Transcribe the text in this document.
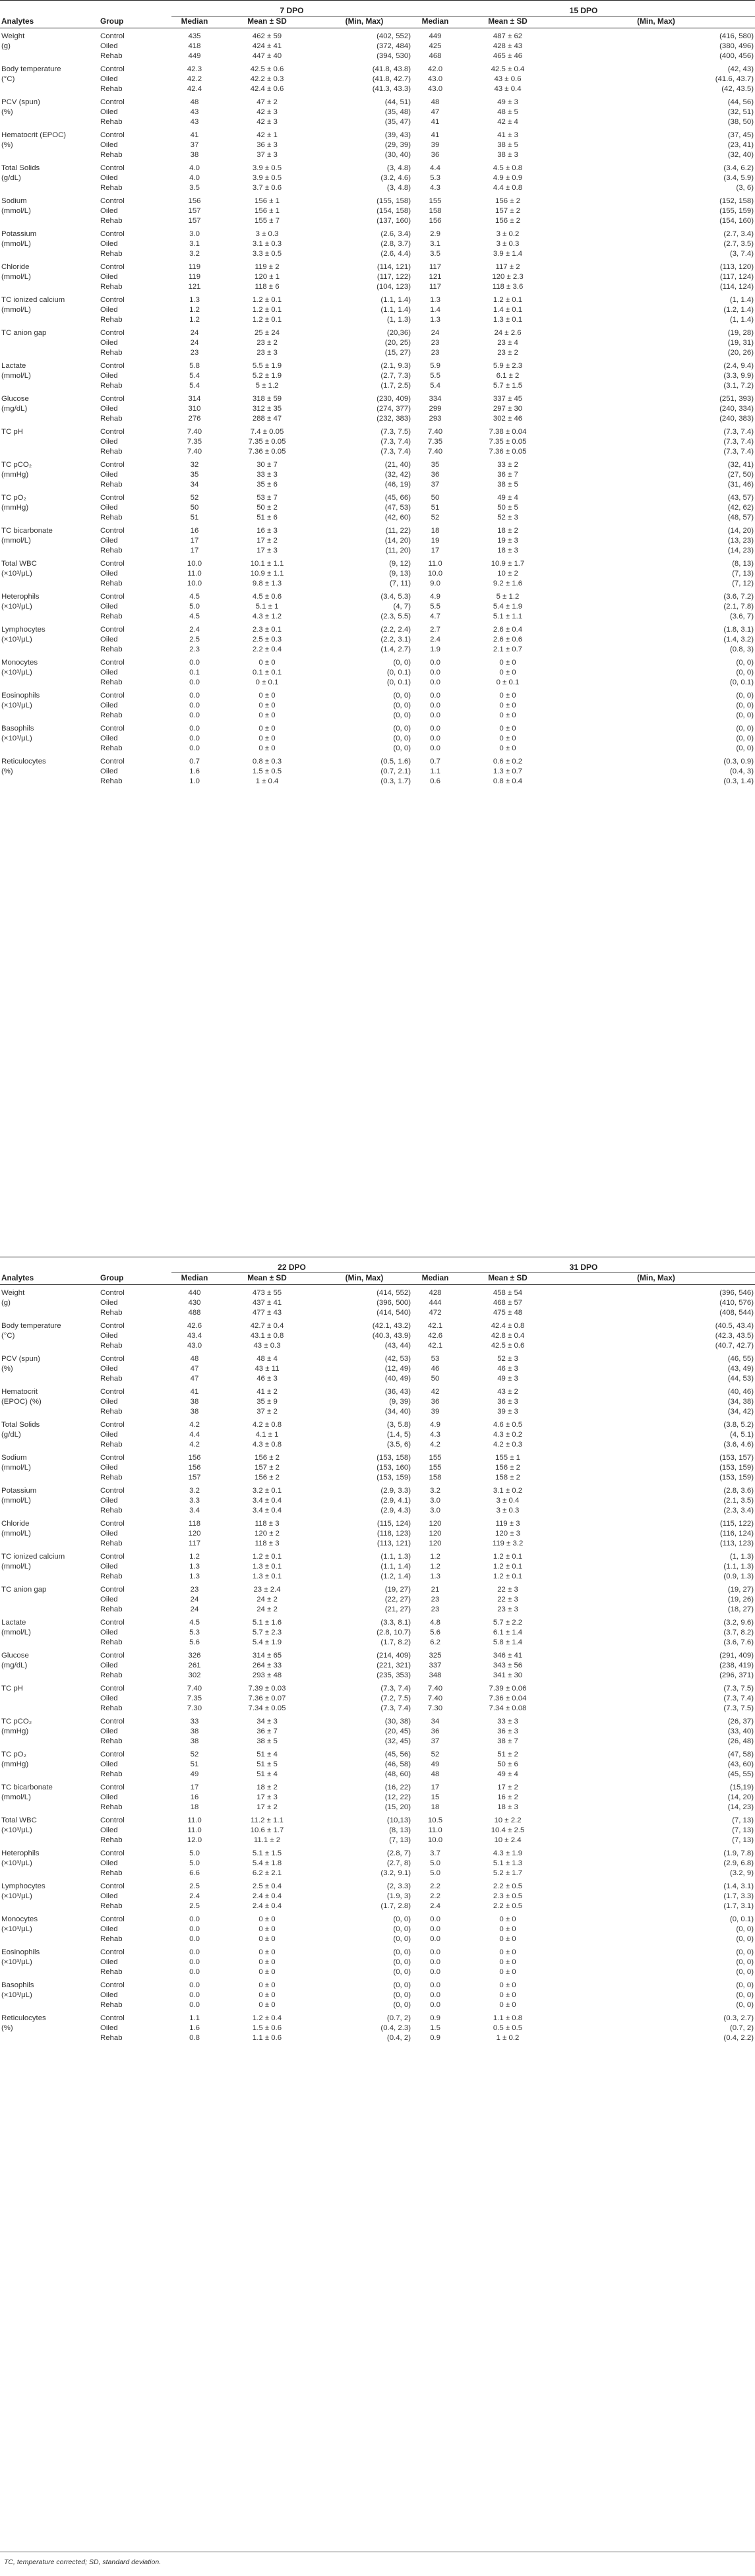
		7 DPO			15 DPO		
Analytes	Group	Median	Mean ± SD	(Min, Max)	Median	Mean ± SD	(Min, Max)
Weight	Control	435	462 ± 59	(402, 552)	449	487 ± 62	(416, 580)
(g)	Oiled	418	424 ± 41	(372, 484)	425	428 ± 43	(380, 496)
	Rehab	449	447 ± 40	(394, 530)	468	465 ± 46	(400, 456)
Body temperature	Control	42.3	42.5 ± 0.6	(41.8, 43.8)	42.0	42.5 ± 0.4	(42, 43)
(°C)	Oiled	42.2	42.2 ± 0.3	(41.8, 42.7)	43.0	43 ± 0.6	(41.6, 43.7)
	Rehab	42.4	42.4 ± 0.6	(41.3, 43.3)	43.0	43 ± 0.4	(42, 43.5)
PCV (spun)	Control	48	47 ± 2	(44, 51)	48	49 ± 3	(44, 56)
(%)	Oiled	43	42 ± 3	(35, 48)	47	48 ± 5	(32, 51)
	Rehab	43	42 ± 3	(35, 47)	41	42 ± 4	(38, 50)
Hematocrit (EPOC)	Control	41	42 ± 1	(39, 43)	41	41 ± 3	(37, 45)
(%)	Oiled	37	36 ± 3	(29, 39)	39	38 ± 5	(23, 41)
	Rehab	38	37 ± 3	(30, 40)	36	38 ± 3	(32, 40)
Total Solids	Control	4.0	3.9 ± 0.5	(3, 4.8)	4.4	4.5 ± 0.8	(3.4, 6.2)
(g/dL)	Oiled	4.0	3.9 ± 0.5	(3.2, 4.6)	5.3	4.9 ± 0.9	(3.4, 5.9)
	Rehab	3.5	3.7 ± 0.6	(3, 4.8)	4.3	4.4 ± 0.8	(3, 6)
Sodium	Control	156	156 ± 1	(155, 158)	155	156 ± 2	(152, 158)
(mmol/L)	Oiled	157	156 ± 1	(154, 158)	158	157 ± 2	(155, 159)
	Rehab	157	155 ± 7	(137, 160)	156	156 ± 2	(154, 160)
Potassium	Control	3.0	3 ± 0.3	(2.6, 3.4)	2.9	3 ± 0.2	(2.7, 3.4)
(mmol/L)	Oiled	3.1	3.1 ± 0.3	(2.8, 3.7)	3.1	3 ± 0.3	(2.7, 3.5)
	Rehab	3.2	3.3 ± 0.5	(2.6, 4.4)	3.5	3.9 ± 1.4	(3, 7.4)
Chloride	Control	119	119 ± 2	(114, 121)	117	117 ± 2	(113, 120)
(mmol/L)	Oiled	119	120 ± 1	(117, 122)	121	120 ± 2.3	(117, 124)
	Rehab	121	118 ± 6	(104, 123)	117	118 ± 3.6	(114, 124)
TC ionized calcium	Control	1.3	1.2 ± 0.1	(1.1, 1.4)	1.3	1.2 ± 0.1	(1, 1.4)
(mmol/L)	Oiled	1.2	1.2 ± 0.1	(1.1, 1.4)	1.4	1.4 ± 0.1	(1.2, 1.4)
	Rehab	1.2	1.2 ± 0.1	(1, 1.3)	1.3	1.3 ± 0.1	(1, 1.4)
TC anion gap	Control	24	25 ± 24	(20,36)	24	24 ± 2.6	(19, 28)
	Oiled	24	23 ± 2	(20, 25)	23	23 ± 4	(19, 31)
	Rehab	23	23 ± 3	(15, 27)	23	23 ± 2	(20, 26)
Lactate	Control	5.8	5.5 ± 1.9	(2.1, 9.3)	5.9	5.9 ± 2.3	(2.4, 9.4)
(mmol/L)	Oiled	5.4	5.2 ± 1.9	(2.7, 7.3)	5.5	6.1 ± 2	(3.3, 9.9)
	Rehab	5.4	5 ± 1.2	(1.7, 2.5)	5.4	5.7 ± 1.5	(3.1, 7.2)
Glucose	Control	314	318 ± 59	(230, 409)	334	337 ± 45	(251, 393)
(mg/dL)	Oiled	310	312 ± 35	(274, 377)	299	297 ± 30	(240, 334)
	Rehab	276	288 ± 47	(232, 383)	293	302 ± 46	(240, 383)
TC pH	Control	7.40	7.4 ± 0.05	(7.3, 7.5)	7.40	7.38 ± 0.04	(7.3, 7.4)
	Oiled	7.35	7.35 ± 0.05	(7.3, 7.4)	7.35	7.35 ± 0.05	(7.3, 7.4)
	Rehab	7.40	7.36 ± 0.05	(7.3, 7.4)	7.40	7.36 ± 0.05	(7.3, 7.4)
TC pCO₂	Control	32	30 ± 7	(21, 40)	35	33 ± 2	(32, 41)
(mmHg)	Oiled	35	33 ± 3	(32, 42)	36	36 ± 7	(27, 50)
	Rehab	34	35 ± 6	(46, 19)	37	38 ± 5	(31, 46)
TC pO₂	Control	52	53 ± 7	(45, 66)	50	49 ± 4	(43, 57)
(mmHg)	Oiled	50	50 ± 2	(47, 53)	51	50 ± 5	(42, 62)
	Rehab	51	51 ± 6	(42, 60)	52	52 ± 3	(48, 57)
TC bicarbonate	Control	16	16 ± 3	(11, 22)	18	18 ± 2	(14, 20)
(mmol/L)	Oiled	17	17 ± 2	(14, 20)	19	19 ± 3	(13, 23)
	Rehab	17	17 ± 3	(11, 20)	17	18 ± 3	(14, 23)
Total WBC	Control	10.0	10.1 ± 1.1	(9, 12)	11.0	10.9 ± 1.7	(8, 13)
(×10³/μL)	Oiled	11.0	10.9 ± 1.1	(9, 13)	10.0	10 ± 2	(7, 13)
	Rehab	10.0	9.8 ± 1.3	(7, 11)	9.0	9.2 ± 1.6	(7, 12)
Heterophils	Control	4.5	4.5 ± 0.6	(3.4, 5.3)	4.9	5 ± 1.2	(3.6, 7.2)
(×10³/μL)	Oiled	5.0	5.1 ± 1	(4, 7)	5.5	5.4 ± 1.9	(2.1, 7.8)
	Rehab	4.5	4.3 ± 1.2	(2.3, 5.5)	4.7	5.1 ± 1.1	(3.6, 7)
Lymphocytes	Control	2.4	2.3 ± 0.1	(2.2, 2.4)	2.7	2.6 ± 0.4	(1.8, 3.1)
(×10³/μL)	Oiled	2.5	2.5 ± 0.3	(2.2, 3.1)	2.4	2.6 ± 0.6	(1.4, 3.2)
	Rehab	2.3	2.2 ± 0.4	(1.4, 2.7)	1.9	2.1 ± 0.7	(0.8, 3)
Monocytes	Control	0.0	0 ± 0	(0, 0)	0.0	0 ± 0	(0, 0)
(×10³/μL)	Oiled	0.1	0.1 ± 0.1	(0, 0.1)	0.0	0 ± 0	(0, 0)
	Rehab	0.0	0 ± 0.1	(0, 0.1)	0.0	0 ± 0.1	(0, 0.1)
Eosinophils	Control	0.0	0 ± 0	(0, 0)	0.0	0 ± 0	(0, 0)
(×10³/μL)	Oiled	0.0	0 ± 0	(0, 0)	0.0	0 ± 0	(0, 0)
	Rehab	0.0	0 ± 0	(0, 0)	0.0	0 ± 0	(0, 0)
Basophils	Control	0.0	0 ± 0	(0, 0)	0.0	0 ± 0	(0, 0)
(×10³/μL)	Oiled	0.0	0 ± 0	(0, 0)	0.0	0 ± 0	(0, 0)
	Rehab	0.0	0 ± 0	(0, 0)	0.0	0 ± 0	(0, 0)
Reticulocytes	Control	0.7	0.8 ± 0.3	(0.5, 1.6)	0.7	0.6 ± 0.2	(0.3, 0.9)
(%)	Oiled	1.6	1.5 ± 0.5	(0.7, 2.1)	1.1	1.3 ± 0.7	(0.4, 3)
	Rehab	1.0	1 ± 0.4	(0.3, 1.7)	0.6	0.8 ± 0.4	(0.3, 1.4)

		22 DPO			31 DPO		
Analytes	Group	Median	Mean ± SD	(Min, Max)	Median	Mean ± SD	(Min, Max)
Weight	Control	440	473 ± 55	(414, 552)	428	458 ± 54	(396, 546)
(g)	Oiled	430	437 ± 41	(396, 500)	444	468 ± 57	(410, 576)
	Rehab	488	477 ± 43	(414, 540)	472	475 ± 48	(408, 544)
Body temperature	Control	42.6	42.7 ± 0.4	(42.1, 43.2)	42.1	42.4 ± 0.8	(40.5, 43.4)
(°C)	Oiled	43.4	43.1 ± 0.8	(40.3, 43.9)	42.6	42.8 ± 0.4	(42.3, 43.5)
	Rehab	43.0	43 ± 0.3	(43, 44)	42.1	42.5 ± 0.6	(40.7, 42.7)
PCV (spun)	Control	48	48 ± 4	(42, 53)	53	52 ± 3	(46, 55)
(%)	Oiled	47	43 ± 11	(12, 49)	46	46 ± 3	(43, 49)
	Rehab	47	46 ± 3	(40, 49)	50	49 ± 3	(44, 53)
Hematocrit	Control	41	41 ± 2	(36, 43)	42	43 ± 2	(40, 46)
(EPOC) (%)	Oiled	38	35 ± 9	(9, 39)	36	36 ± 3	(34, 38)
	Rehab	38	37 ± 2	(34, 40)	39	39 ± 3	(34, 42)
Total Solids	Control	4.2	4.2 ± 0.8	(3, 5.8)	4.9	4.6 ± 0.5	(3.8, 5.2)
(g/dL)	Oiled	4.4	4.1 ± 1	(1.4, 5)	4.3	4.3 ± 0.2	(4, 5.1)
	Rehab	4.2	4.3 ± 0.8	(3.5, 6)	4.2	4.2 ± 0.3	(3.6, 4.6)
Sodium	Control	156	156 ± 2	(153, 158)	155	155 ± 1	(153, 157)
(mmol/L)	Oiled	156	157 ± 2	(153, 160)	155	156 ± 2	(153, 159)
	Rehab	157	156 ± 2	(153, 159)	158	158 ± 2	(153, 159)
Potassium	Control	3.2	3.2 ± 0.1	(2.9, 3.3)	3.2	3.1 ± 0.2	(2.8, 3.6)
(mmol/L)	Oiled	3.3	3.4 ± 0.4	(2.9, 4.1)	3.0	3 ± 0.4	(2.1, 3.5)
	Rehab	3.4	3.4 ± 0.4	(2.9, 4.3)	3.0	3 ± 0.3	(2.3, 3.4)
Chloride	Control	118	118 ± 3	(115, 124)	120	119 ± 3	(115, 122)
(mmol/L)	Oiled	120	120 ± 2	(118, 123)	120	120 ± 3	(116, 124)
	Rehab	117	118 ± 3	(113, 121)	120	119 ± 3.2	(113, 123)
TC ionized calcium	Control	1.2	1.2 ± 0.1	(1.1, 1.3)	1.2	1.2 ± 0.1	(1, 1.3)
(mmol/L)	Oiled	1.3	1.3 ± 0.1	(1.1, 1.4)	1.2	1.2 ± 0.1	(1.1, 1.3)
	Rehab	1.3	1.3 ± 0.1	(1.2, 1.4)	1.3	1.2 ± 0.1	(0.9, 1.3)
TC anion gap	Control	23	23 ± 2.4	(19, 27)	21	22 ± 3	(19, 27)
	Oiled	24	24 ± 2	(22, 27)	23	22 ± 3	(19, 26)
	Rehab	24	24 ± 2	(21, 27)	23	23 ± 3	(18, 27)
Lactate	Control	4.5	5.1 ± 1.6	(3.3, 8.1)	4.8	5.7 ± 2.2	(3.2, 9.6)
(mmol/L)	Oiled	5.3	5.7 ± 2.3	(2.8, 10.7)	5.6	6.1 ± 1.4	(3.7, 8.2)
	Rehab	5.6	5.4 ± 1.9	(1.7, 8.2)	6.2	5.8 ± 1.4	(3.6, 7.6)
Glucose	Control	326	314 ± 65	(214, 409)	325	346 ± 41	(291, 409)
(mg/dL)	Oiled	261	264 ± 33	(221, 321)	337	343 ± 56	(238, 419)
	Rehab	302	293 ± 48	(235, 353)	348	341 ± 30	(296, 371)
TC pH	Control	7.40	7.39 ± 0.03	(7.3, 7.4)	7.40	7.39 ± 0.06	(7.3, 7.5)
	Oiled	7.35	7.36 ± 0.07	(7.2, 7.5)	7.40	7.36 ± 0.04	(7.3, 7.4)
	Rehab	7.30	7.34 ± 0.05	(7.3, 7.4)	7.30	7.34 ± 0.08	(7.3, 7.5)
TC pCO₂	Control	33	34 ± 3	(30, 38)	34	33 ± 3	(26, 37)
(mmHg)	Oiled	38	36 ± 7	(20, 45)	36	36 ± 3	(33, 40)
	Rehab	38	38 ± 5	(32, 45)	37	38 ± 7	(26, 48)
TC pO₂	Control	52	51 ± 4	(45, 56)	52	51 ± 2	(47, 58)
(mmHg)	Oiled	51	51 ± 5	(46, 58)	49	50 ± 6	(43, 60)
	Rehab	49	51 ± 4	(48, 60)	48	49 ± 4	(45, 55)
TC bicarbonate	Control	17	18 ± 2	(16, 22)	17	17 ± 2	(15,19)
(mmol/L)	Oiled	16	17 ± 3	(12, 22)	15	16 ± 2	(14, 20)
	Rehab	18	17 ± 2	(15, 20)	18	18 ± 3	(14, 23)
Total WBC	Control	11.0	11.2 ± 1.1	(10,13)	10.5	10 ± 2.2	(7, 13)
(×10³/μL)	Oiled	11.0	10.6 ± 1.7	(8, 13)	11.0	10.4 ± 2.5	(7, 13)
	Rehab	12.0	11.1 ± 2	(7, 13)	10.0	10 ± 2.4	(7, 13)
Heterophils	Control	5.0	5.1 ± 1.5	(2.8, 7)	3.7	4.3 ± 1.9	(1.9, 7.8)
(×10³/μL)	Oiled	5.0	5.4 ± 1.8	(2.7, 8)	5.0	5.1 ± 1.3	(2.9, 6.8)
	Rehab	6.6	6.2 ± 2.1	(3.2, 9.1)	5.0	5.2 ± 1.7	(3.2, 9)
Lymphocytes	Control	2.5	2.5 ± 0.4	(2, 3.3)	2.2	2.2 ± 0.5	(1.4, 3.1)
(×10³/μL)	Oiled	2.4	2.4 ± 0.4	(1.9, 3)	2.2	2.3 ± 0.5	(1.7, 3.3)
	Rehab	2.5	2.4 ± 0.4	(1.7, 2.8)	2.4	2.2 ± 0.5	(1.7, 3.1)
Monocytes	Control	0.0	0 ± 0	(0, 0)	0.0	0 ± 0	(0, 0.1)
(×10³/μL)	Oiled	0.0	0 ± 0	(0, 0)	0.0	0 ± 0	(0, 0)
	Rehab	0.0	0 ± 0	(0, 0)	0.0	0 ± 0	(0, 0)
Eosinophils	Control	0.0	0 ± 0	(0, 0)	0.0	0 ± 0	(0, 0)
(×10³/μL)	Oiled	0.0	0 ± 0	(0, 0)	0.0	0 ± 0	(0, 0)
	Rehab	0.0	0 ± 0	(0, 0)	0.0	0 ± 0	(0, 0)
Basophils	Control	0.0	0 ± 0	(0, 0)	0.0	0 ± 0	(0, 0)
(×10³/μL)	Oiled	0.0	0 ± 0	(0, 0)	0.0	0 ± 0	(0, 0)
	Rehab	0.0	0 ± 0	(0, 0)	0.0	0 ± 0	(0, 0)
Reticulocytes	Control	1.1	1.2 ± 0.4	(0.7, 2)	0.9	1.1 ± 0.8	(0.3, 2.7)
(%)	Oiled	1.6	1.5 ± 0.6	(0.4, 2.3)	1.5	0.5 ± 0.5	(0.7, 2)
	Rehab	0.8	1.1 ± 0.6	(0.4, 2)	0.9	1 ± 0.2	(0.4, 2.2)
TC, temperature corrected; SD, standard deviation.
